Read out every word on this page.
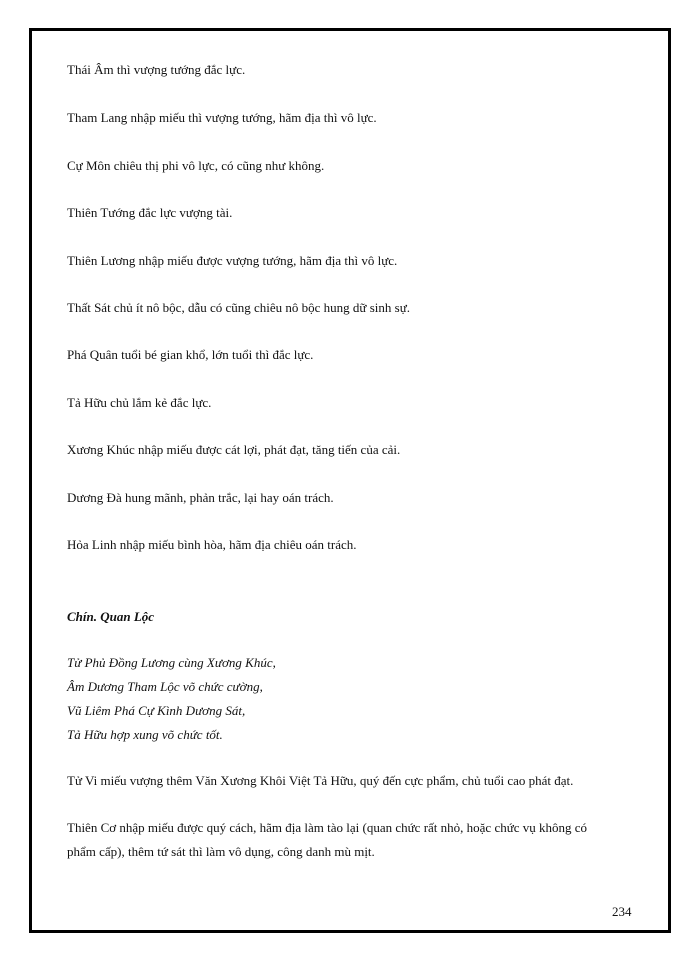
Thái Âm thì vượng tướng đắc lực.
Tham Lang nhập miếu thì vượng tướng, hãm địa thì vô lực.
Cự Môn chiêu thị phi vô lực, có cũng như không.
Thiên Tướng đắc lực vượng tài.
Thiên Lương nhập miếu được vượng tướng, hãm địa thì vô lực.
Thất Sát chủ ít nô bộc, dẫu có cũng chiêu nô bộc hung dữ sinh sự.
Phá Quân tuổi bé gian khổ, lớn tuổi thì đắc lực.
Tả Hữu chủ lắm kẻ đắc lực.
Xương Khúc nhập miếu được cát lợi, phát đạt, tăng tiến của cải.
Dương Đà hung mãnh, phản trắc, lại hay oán trách.
Hỏa Linh nhập miếu bình hòa, hãm địa chiêu oán trách.
Chín. Quan Lộc
Tử Phủ Đồng Lương cùng Xương Khúc,
Âm Dương Tham Lộc võ chức cường,
Vũ Liêm Phá Cự Kình Dương Sát,
Tả Hữu hợp xung võ chức tốt.
Tử Vi miếu vượng thêm Văn Xương Khôi Việt Tả Hữu, quý đến cực phẩm, chủ tuổi cao phát đạt.
Thiên Cơ nhập miếu được quý cách, hãm địa làm tào lại (quan chức rất nhỏ, hoặc chức vụ không có
phẩm cấp), thêm tứ sát thì làm vô dụng, công danh mù mịt.
234
